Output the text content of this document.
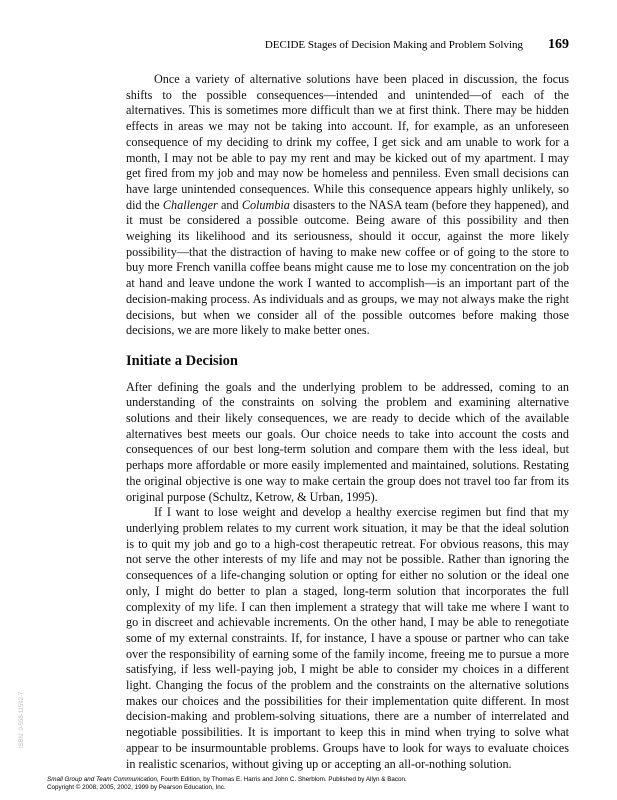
DECIDE Stages of Decision Making and Problem Solving 169

Once a variety of alternative solutions have been placed in discussion, the focus shifts to the possible consequences—intended and unintended—of each of the alternatives. This is sometimes more difficult than we at first think. There may be hidden effects in areas we may not be taking into account. If, for example, as an unforeseen consequence of my deciding to drink my coffee, I get sick and am unable to work for a month, I may not be able to pay my rent and may be kicked out of my apartment. I may get fired from my job and may now be homeless and penniless. Even small decisions can have large unintended consequences. While this consequence appears highly unlikely, so did the Challenger and Columbia disasters to the NASA team (before they happened), and it must be considered a possible outcome. Being aware of this possibility and then weighing its likelihood and its seriousness, should it occur, against the more likely possibility—that the distraction of having to make new coffee or of going to the store to buy more French vanilla coffee beans might cause me to lose my concentration on the job at hand and leave undone the work I wanted to accomplish—is an important part of the decision-making process. As individuals and as groups, we may not always make the right decisions, but when we consider all of the possible outcomes before making those decisions, we are more likely to make better ones.

Initiate a Decision

After defining the goals and the underlying problem to be addressed, coming to an understanding of the constraints on solving the problem and examining alternative solutions and their likely consequences, we are ready to decide which of the available alternatives best meets our goals. Our choice needs to take into account the costs and consequences of our best long-term solution and compare them with the less ideal, but perhaps more affordable or more easily implemented and maintained, solutions. Restating the original objective is one way to make certain the group does not travel too far from its original purpose (Schultz, Ketrow, & Urban, 1995).

If I want to lose weight and develop a healthy exercise regimen but find that my underlying problem relates to my current work situation, it may be that the ideal solution is to quit my job and go to a high-cost therapeutic retreat. For obvious reasons, this may not serve the other interests of my life and may not be possible. Rather than ignoring the consequences of a life-changing solution or opting for either no solution or the ideal one only, I might do better to plan a staged, long-term solution that incorporates the full complexity of my life. I can then implement a strategy that will take me where I want to go in discreet and achievable increments. On the other hand, I may be able to renegotiate some of my external constraints. If, for instance, I have a spouse or partner who can take over the responsibility of earning some of the family income, freeing me to pursue a more satisfying, if less well-paying job, I might be able to consider my choices in a different light. Changing the focus of the problem and the constraints on the alternative solutions makes our choices and the possibilities for their implementation quite different. In most decision-making and problem-solving situations, there are a number of interrelated and negotiable possibilities. It is important to keep this in mind when trying to solve what appear to be insurmountable problems. Groups have to look for ways to evaluate choices in realistic scenarios, without giving up or accepting an all-or-nothing solution.

ISBN: 0-558-11592-7
Small Group and Team Communication, Fourth Edition, by Thomas E. Harris and John C. Sherblom. Published by Allyn & Bacon.
Copyright © 2008, 2005, 2002, 1999 by Pearson Education, Inc.
